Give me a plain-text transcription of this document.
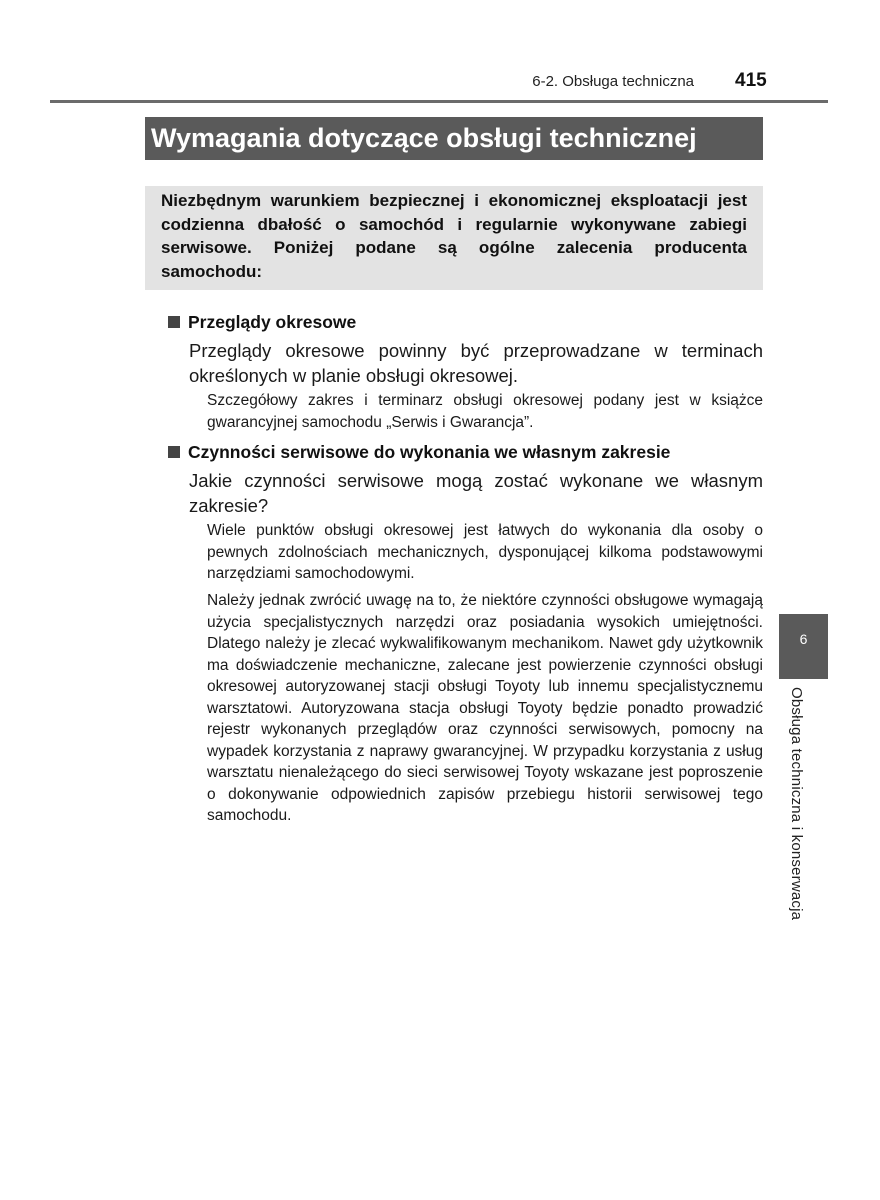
6-2. Obsługa techniczna 415
Wymagania dotyczące obsługi technicznej
Niezbędnym warunkiem bezpiecznej i ekonomicznej eksploatacji jest codzienna dbałość o samochód i regularnie wykonywane zabiegi serwisowe. Poniżej podane są ogólne zalecenia producenta samochodu:
Przeglądy okresowe
Przeglądy okresowe powinny być przeprowadzane w terminach określonych w planie obsługi okresowej.
Szczegółowy zakres i terminarz obsługi okresowej podany jest w książce gwarancyjnej samochodu „Serwis i Gwarancja”.
Czynności serwisowe do wykonania we własnym zakresie
Jakie czynności serwisowe mogą zostać wykonane we własnym zakresie?
Wiele punktów obsługi okresowej jest łatwych do wykonania dla osoby o pewnych zdolnościach mechanicznych, dysponującej kilkoma podstawowymi narzędziami samochodowymi.
Należy jednak zwrócić uwagę na to, że niektóre czynności obsługowe wymagają użycia specjalistycznych narzędzi oraz posiadania wysokich umiejętności. Dlatego należy je zlecać wykwalifikowanym mechanikom. Nawet gdy użytkownik ma doświadczenie mechaniczne, zalecane jest powierzenie czynności obsługi okresowej autoryzowanej stacji obsługi Toyoty lub innemu specjalistycznemu warsztatowi. Autoryzowana stacja obsługi Toyoty będzie ponadto prowadzić rejestr wykonanych przeglądów oraz czynności serwisowych, pomocny na wypadek korzystania z naprawy gwarancyjnej. W przypadku korzystania z usług warsztatu nienależącego do sieci serwisowej Toyoty wskazane jest poproszenie o dokonywanie odpowiednich zapisów przebiegu historii serwisowej tego samochodu.
6
Obsługa techniczna i konserwacja
